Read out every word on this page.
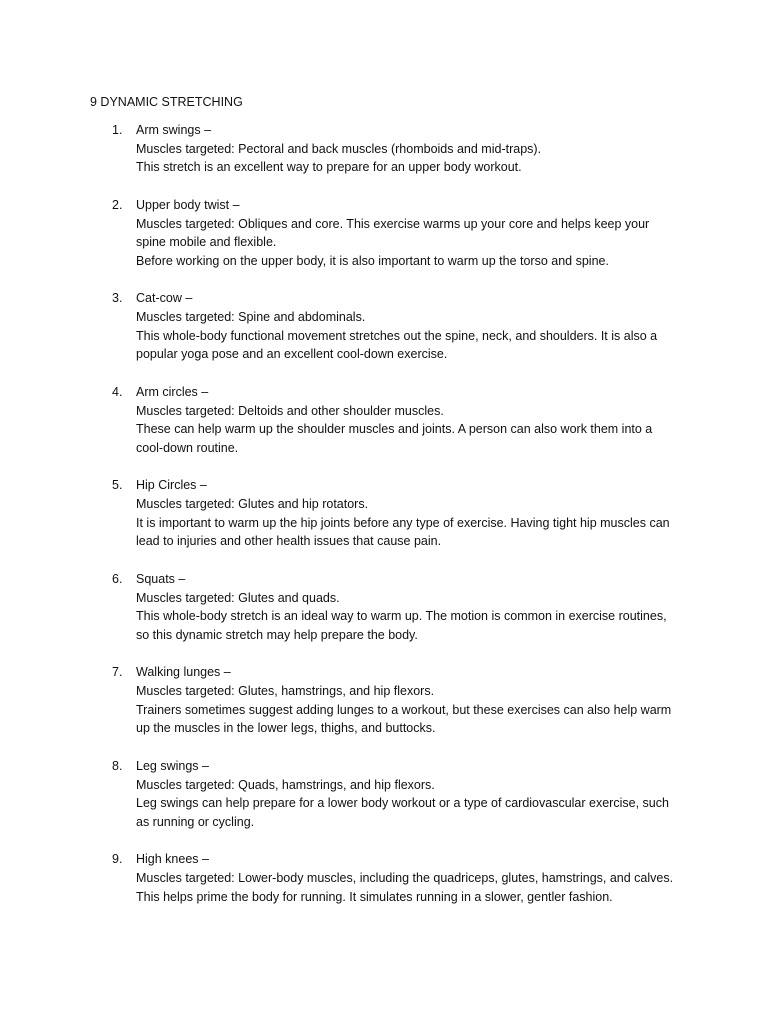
9 DYNAMIC STRETCHING
1. Arm swings –
Muscles targeted: Pectoral and back muscles (rhomboids and mid-traps).
This stretch is an excellent way to prepare for an upper body workout.
2. Upper body twist –
Muscles targeted: Obliques and core. This exercise warms up your core and helps keep your spine mobile and flexible.
Before working on the upper body, it is also important to warm up the torso and spine.
3. Cat-cow –
Muscles targeted: Spine and abdominals.
This whole-body functional movement stretches out the spine, neck, and shoulders. It is also a popular yoga pose and an excellent cool-down exercise.
4. Arm circles –
Muscles targeted: Deltoids and other shoulder muscles.
These can help warm up the shoulder muscles and joints. A person can also work them into a cool-down routine.
5. Hip Circles –
Muscles targeted: Glutes and hip rotators.
It is important to warm up the hip joints before any type of exercise. Having tight hip muscles can lead to injuries and other health issues that cause pain.
6. Squats –
Muscles targeted: Glutes and quads.
This whole-body stretch is an ideal way to warm up. The motion is common in exercise routines, so this dynamic stretch may help prepare the body.
7. Walking lunges –
Muscles targeted: Glutes, hamstrings, and hip flexors.
Trainers sometimes suggest adding lunges to a workout, but these exercises can also help warm up the muscles in the lower legs, thighs, and buttocks.
8. Leg swings –
Muscles targeted: Quads, hamstrings, and hip flexors.
Leg swings can help prepare for a lower body workout or a type of cardiovascular exercise, such as running or cycling.
9. High knees –
Muscles targeted: Lower-body muscles, including the quadriceps, glutes, hamstrings, and calves.
This helps prime the body for running. It simulates running in a slower, gentler fashion.
